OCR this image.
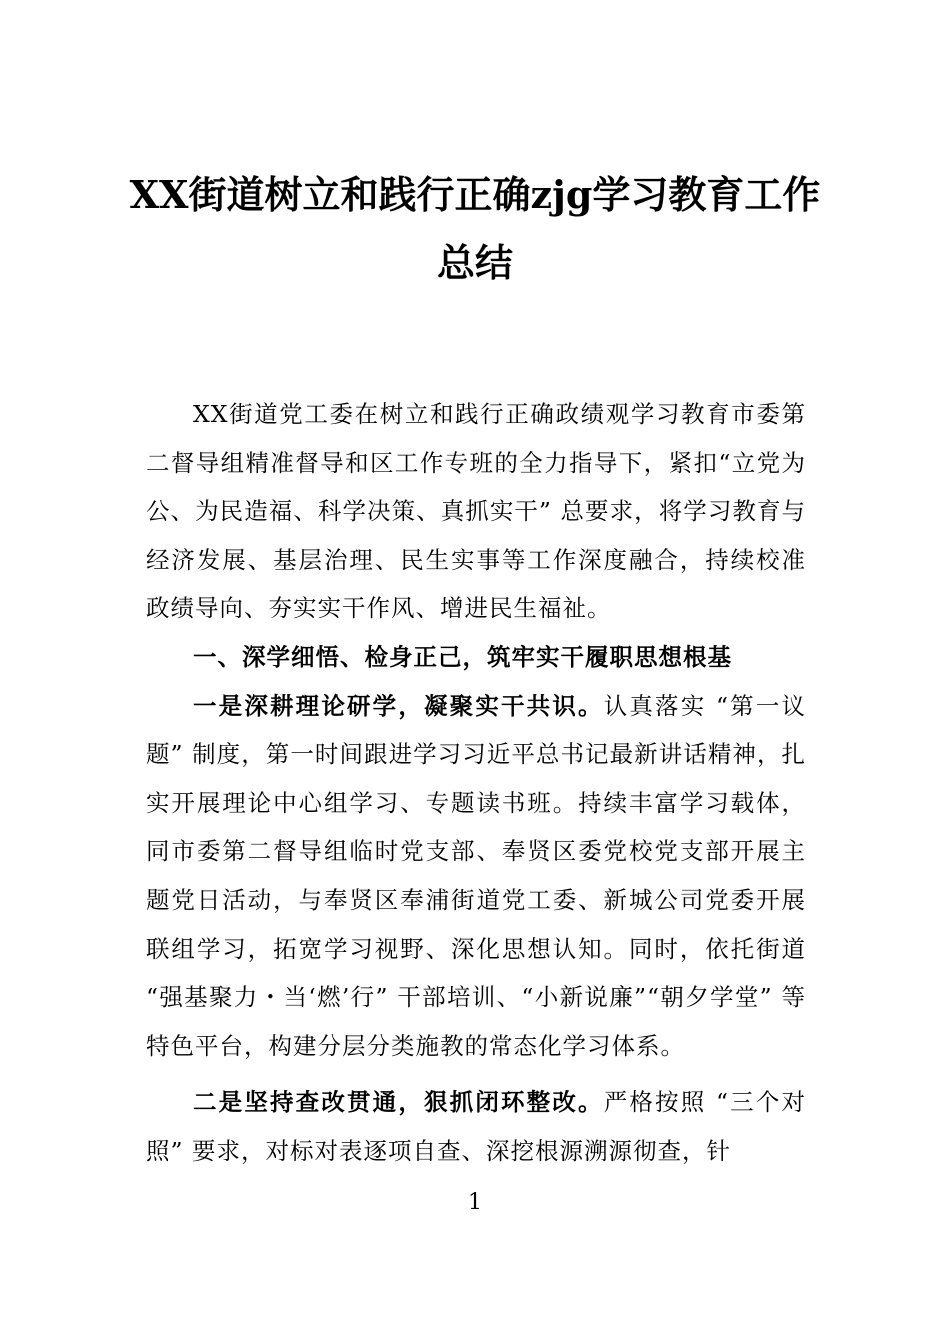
XX街道树立和践行正确zjg学习教育工作
总结

XX街道党工委在树立和践行正确政绩观学习教育市委第二督导组精准督导和区工作专班的全力指导下，紧扣“立党为公、为民造福、科学决策、真抓实干” 总要求，将学习教育与经济发展、基层治理、民生实事等工作深度融合，持续校准政绩导向、夯实实干作风、增进民生福祉。

一、深学细悟、检身正己，筑牢实干履职思想根基

一是深耕理论研学，凝聚实干共识。认真落实 “第一议题” 制度，第一时间跟进学习习近平总书记最新讲话精神，扎实开展理论中心组学习、专题读书班。持续丰富学习载体，同市委第二督导组临时党支部、奉贤区委党校党支部开展主题党日活动，与奉贤区奉浦街道党工委、新城公司党委开展联组学习，拓宽学习视野、深化思想认知。同时，依托街道 “强基聚力・当‘燃’行” 干部培训、“小新说廉”“朝夕学堂” 等特色平台，构建分层分类施教的常态化学习体系。

二是坚持查改贯通，狠抓闭环整改。严格按照 “三个对照” 要求，对标对表逐项自查、深挖根源溯源彻查，针

1
